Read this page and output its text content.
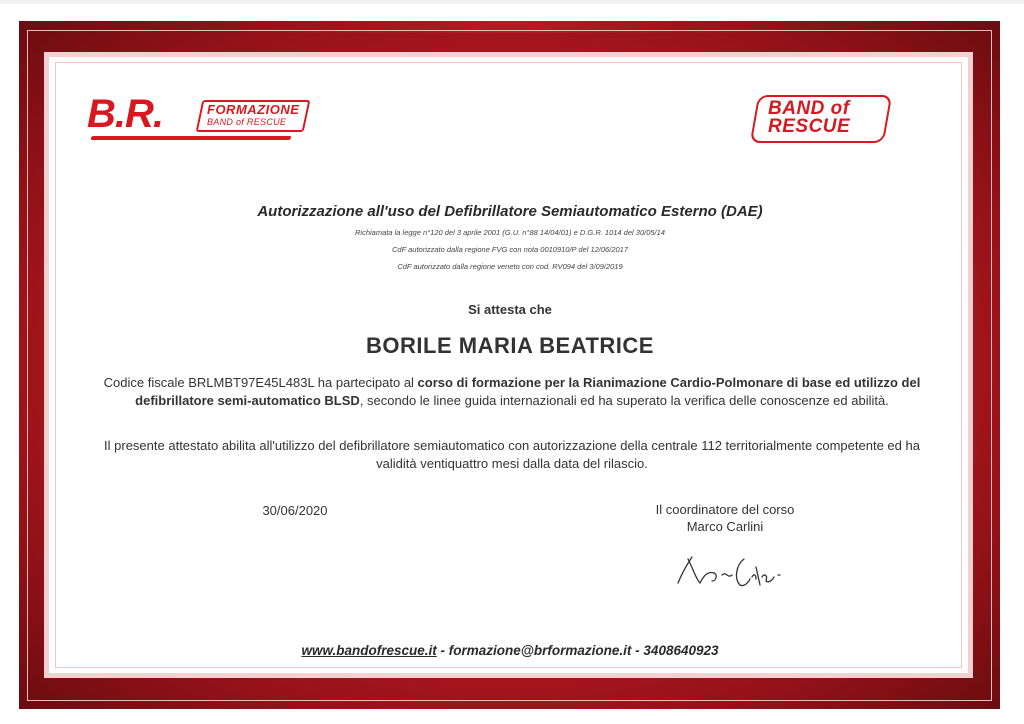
B.R.	FORMAZIONE
BAND of RESCUE
BAND of
RESCUE
Autorizzazione all'uso del Defibrillatore Semiautomatico Esterno (DAE)
Richiamata la legge n°120 del 3 aprile 2001 (G.U. n°88 14/04/01) e D.G.R. 1014 del 30/05/14
CdF autorizzato dalla regione FVG con nota 0010910/P del 12/06/2017
CdF autorizzato dalla regione veneto con cod. RV094 del 3/09/2019
Si attesta che
BORILE MARIA BEATRICE
Codice fiscale BRLMBT97E45L483L ha partecipato al corso di formazione per la Rianimazione Cardio-Polmonare di base ed utilizzo del defibrillatore semi-automatico BLSD, secondo le linee guida internazionali ed ha superato la verifica delle conoscenze ed abilità.
Il presente attestato abilita all'utilizzo del defibrillatore semiautomatico con autorizzazione della centrale 112 territorialmente competente ed ha validità ventiquattro mesi dalla data del rilascio.
30/06/2020	Il coordinatore del corso
Marco Carlini
www.bandofrescue.it - formazione@brformazione.it - 3408640923
